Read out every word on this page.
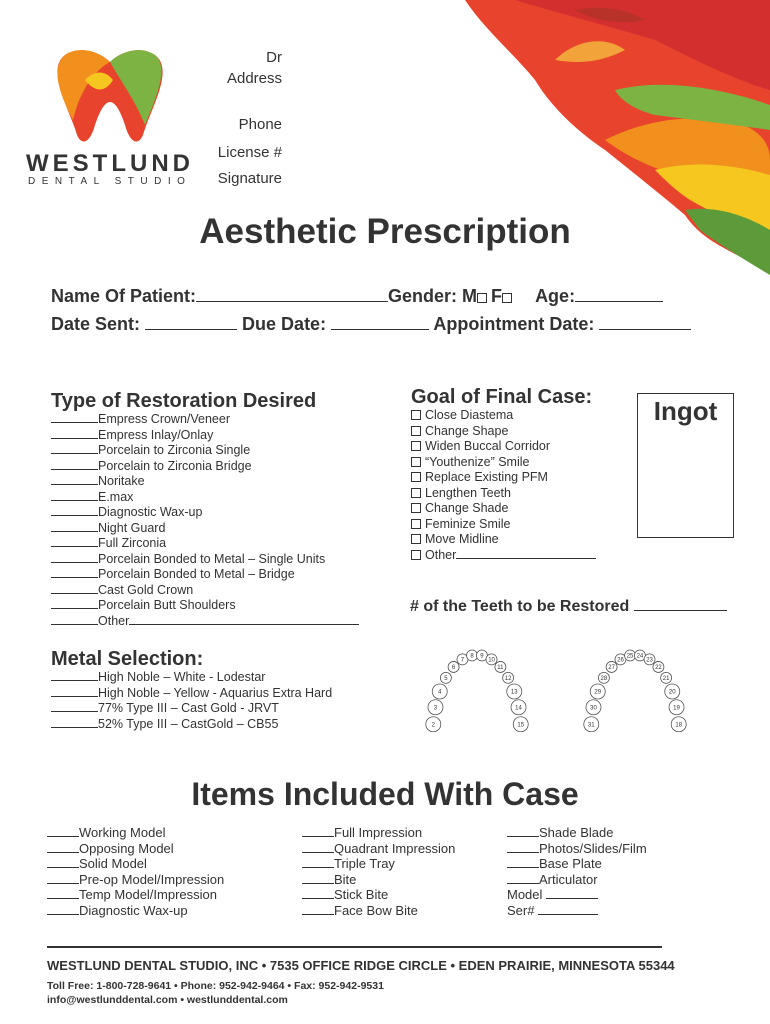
WESTLUND
DENTAL STUDIO
Dr
Address
Phone
License #
Signature
Aesthetic Prescription
Name Of Patient:	Gender: M F Age:
Date Sent:	Due Date:	Appointment Date:
Type of Restoration Desired
Empress Crown/Veneer
Empress Inlay/Onlay
Porcelain to Zirconia Single
Porcelain to Zirconia Bridge
Noritake
E.max
Diagnostic Wax-up
Night Guard
Full Zirconia
Porcelain Bonded to Metal – Single Units
Porcelain Bonded to Metal – Bridge
Cast Gold Crown
Porcelain Butt Shoulders
Other
Goal of Final Case:
Close Diastema
Change Shape
Widen Buccal Corridor
“Youthenize” Smile
Replace Existing PFM
Lengthen Teeth
Change Shade
Feminize Smile
Move Midline
Other
Ingot
# of the Teeth to be Restored
Metal Selection:
High Noble – White - Lodestar
High Noble – Yellow - Aquarius Extra Hard
77% Type III – Cast Gold - JRVT
52% Type III – CastGold – CB55	2
3
4
5
6
7
8 9
10
11
12
13
14
15	31
30
29
28
27
26
25 24
23
22
21
20
19
18
Items Included With Case
Working Model
Opposing Model
Solid Model
Pre-op Model/Impression
Temp Model/Impression
Diagnostic Wax-up
Full Impression
Quadrant Impression
Triple Tray
Bite
Stick Bite
Face Bow Bite
Shade Blade
Photos/Slides/Film
Base Plate
Articulator
Model
Ser#
WESTLUND DENTAL STUDIO, INC • 7535 OFFICE RIDGE CIRCLE • EDEN PRAIRIE, MINNESOTA 55344
Toll Free: 1-800-728-9641 • Phone: 952-942-9464 • Fax: 952-942-9531
info@westlunddental.com • westlunddental.com
